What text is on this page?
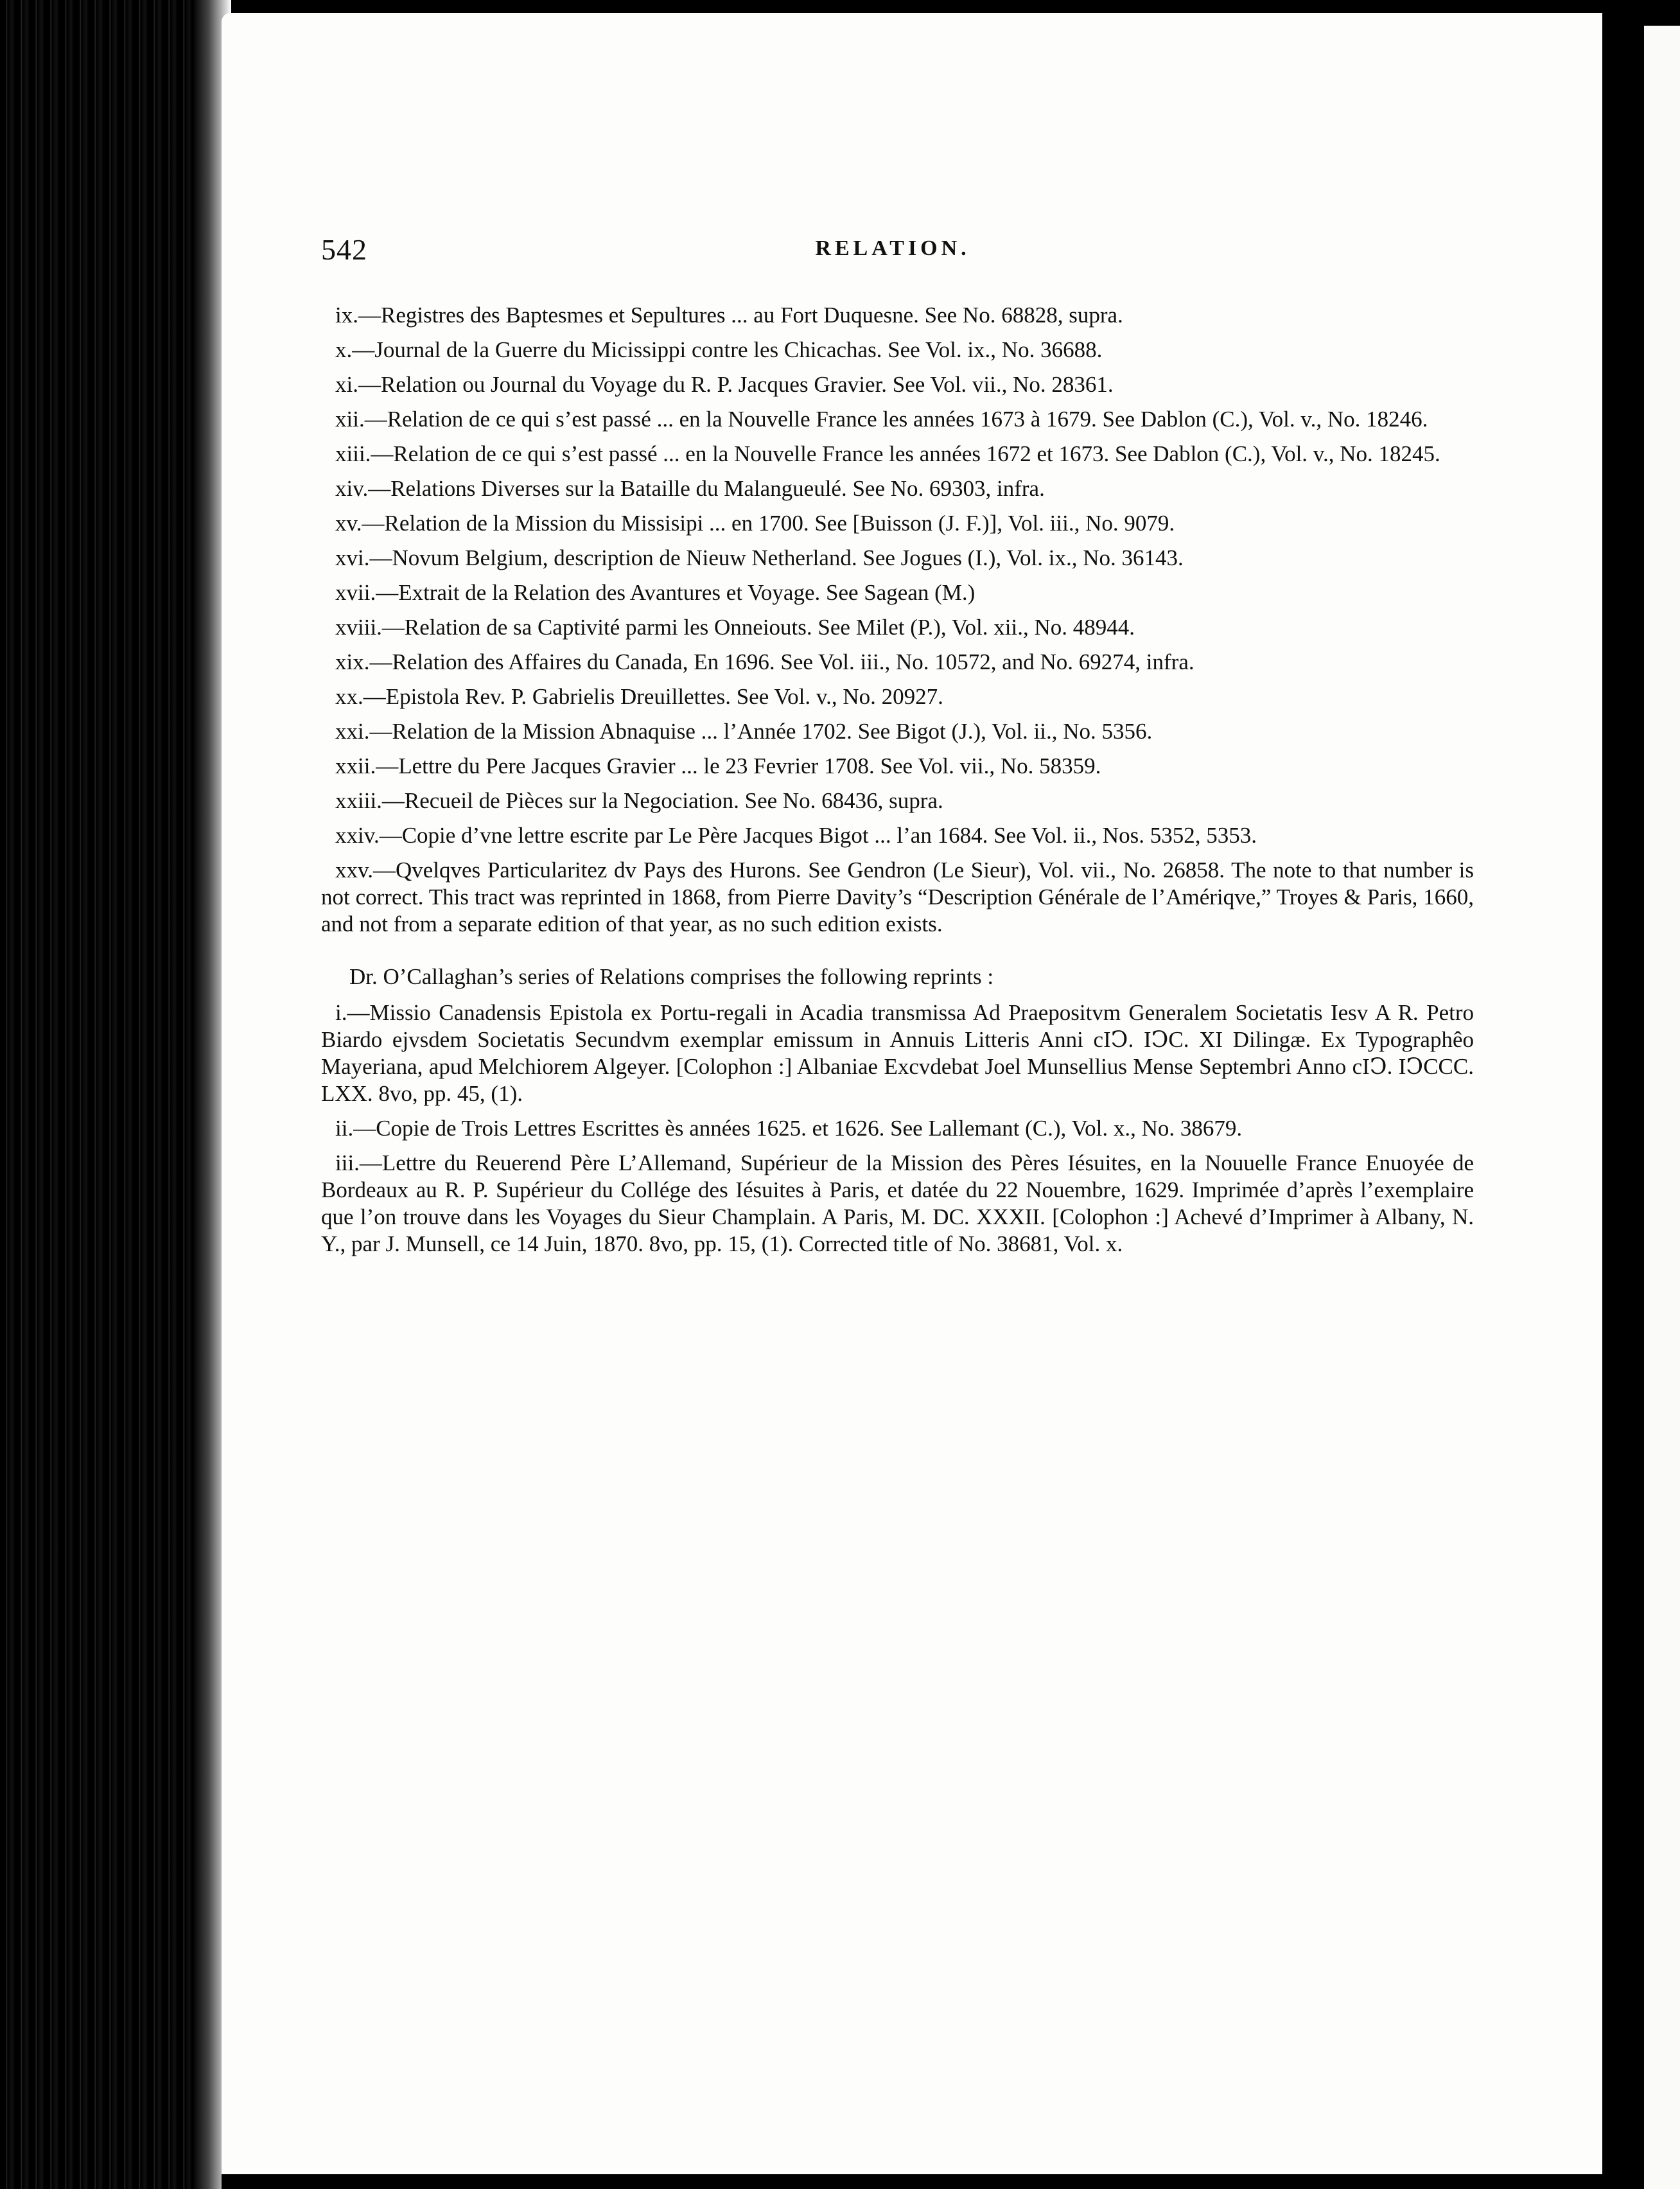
542	RELATION.

ix.—Registres des Baptesmes et Sepultures ... au Fort Duquesne. See No. 68828, supra.

x.—Journal de la Guerre du Micissippi contre les Chicachas. See Vol. ix., No. 36688.

xi.—Relation ou Journal du Voyage du R. P. Jacques Gravier. See Vol. vii., No. 28361.

xii.—Relation de ce qui s’est passé ... en la Nouvelle France les années 1673 à 1679. See Dablon (C.), Vol. v., No. 18246.

xiii.—Relation de ce qui s’est passé ... en la Nouvelle France les années 1672 et 1673. See Dablon (C.), Vol. v., No. 18245.

xiv.—Relations Diverses sur la Bataille du Malangueulé. See No. 69303, infra.

xv.—Relation de la Mission du Missisipi ... en 1700. See [Buisson (J. F.)], Vol. iii., No. 9079.

xvi.—Novum Belgium, description de Nieuw Netherland. See Jogues (I.), Vol. ix., No. 36143.

xvii.—Extrait de la Relation des Avantures et Voyage. See Sagean (M.)

xviii.—Relation de sa Captivité parmi les Onneiouts. See Milet (P.), Vol. xii., No. 48944.

xix.—Relation des Affaires du Canada, En 1696. See Vol. iii., No. 10572, and No. 69274, infra.

xx.—Epistola Rev. P. Gabrielis Dreuillettes. See Vol. v., No. 20927.

xxi.—Relation de la Mission Abnaquise ... l’Année 1702. See Bigot (J.), Vol. ii., No. 5356.

xxii.—Lettre du Pere Jacques Gravier ... le 23 Fevrier 1708. See Vol. vii., No. 58359.

xxiii.—Recueil de Pièces sur la Negociation. See No. 68436, supra.

xxiv.—Copie d’vne lettre escrite par Le Père Jacques Bigot ... l’an 1684. See Vol. ii., Nos. 5352, 5353.

xxv.—Qvelqves Particularitez dv Pays des Hurons. See Gendron (Le Sieur), Vol. vii., No. 26858. The note to that number is not correct. This tract was reprinted in 1868, from Pierre Davity’s “Description Générale de l’Amériqve,” Troyes & Paris, 1660, and not from a separate edition of that year, as no such edition exists.

Dr. O’Callaghan’s series of Relations comprises the following reprints :

i.—Missio Canadensis Epistola ex Portu-regali in Acadia transmissa Ad Praepositvm Generalem Societatis Iesv A R. Petro Biardo ejvsdem Societatis Secundvm exemplar emissum in Annuis Litteris Anni cIↃ. IↃC. XI Dilingæ. Ex Typographêo Mayeriana, apud Melchiorem Algeyer. [Colophon :] Albaniae Excvdebat Joel Munsellius Mense Septembri Anno cIↃ. IↃCCC. LXX. 8vo, pp. 45, (1).

ii.—Copie de Trois Lettres Escrittes ès années 1625. et 1626. See Lallemant (C.), Vol. x., No. 38679.

iii.—Lettre du Reuerend Père L’Allemand, Supérieur de la Mission des Pères Iésuites, en la Nouuelle France Enuoyée de Bordeaux au R. P. Supérieur du Collége des Iésuites à Paris, et datée du 22 Nouembre, 1629. Imprimée d’après l’exemplaire que l’on trouve dans les Voyages du Sieur Champlain. A Paris, M. DC. XXXII. [Colophon :] Achevé d’Imprimer à Albany, N. Y., par J. Munsell, ce 14 Juin, 1870. 8vo, pp. 15, (1). Corrected title of No. 38681, Vol. x.
